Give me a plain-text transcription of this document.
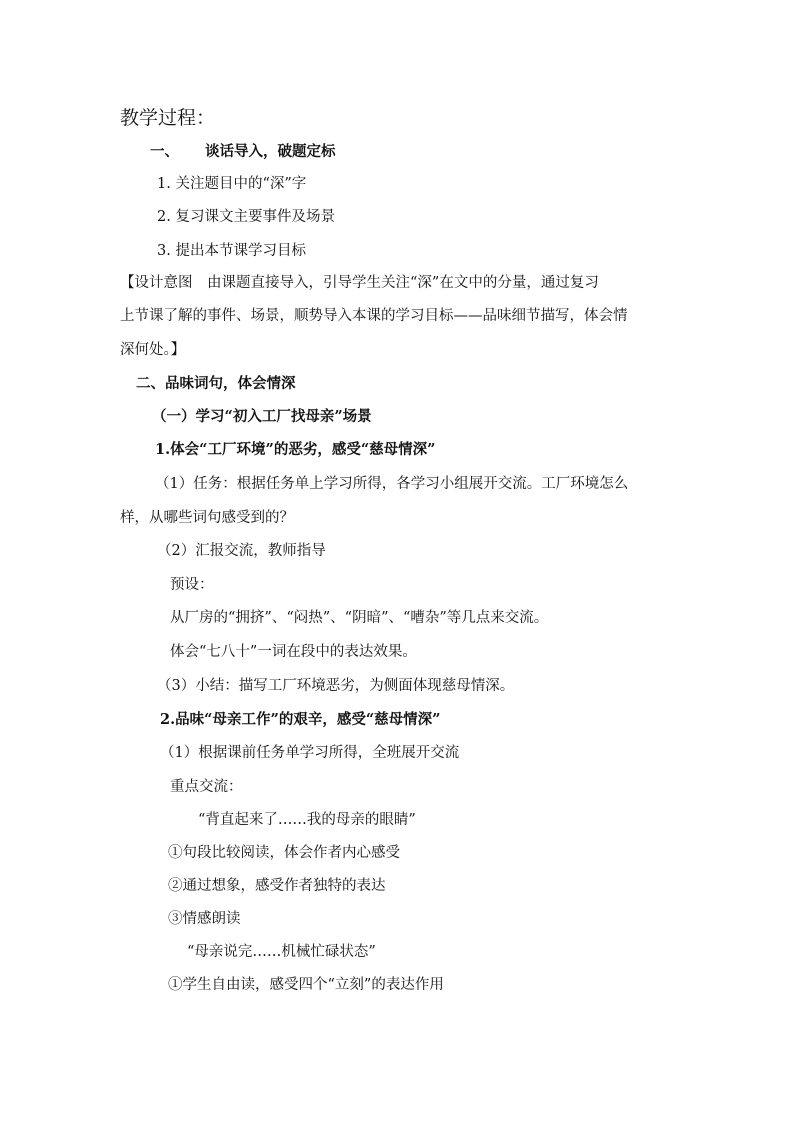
教学过程：
一、 谈话导入，破题定标
1. 关注题目中的“深”字
2. 复习课文主要事件及场景
3. 提出本节课学习目标
【设计意图　由课题直接导入，引导学生关注“深”在文中的分量，通过复习
上节课了解的事件、场景，顺势导入本课的学习目标——品味细节描写，体会情
深何处。】
二、品味词句，体会情深
（一）学习“初入工厂找母亲”场景
1.体会“工厂环境”的恶劣，感受“慈母情深”
（1）任务：根据任务单上学习所得，各学习小组展开交流。工厂环境怎么
样，从哪些词句感受到的？
（2）汇报交流，教师指导
预设：
从厂房的“拥挤”、“闷热”、“阴暗”、“嘈杂”等几点来交流。
体会“七八十”一词在段中的表达效果。
（3）小结：描写工厂环境恶劣，为侧面体现慈母情深。
2.品味“母亲工作”的艰辛，感受“慈母情深”
（1）根据课前任务单学习所得，全班展开交流
重点交流：
“背直起来了……我的母亲的眼睛”
①句段比较阅读，体会作者内心感受
②通过想象，感受作者独特的表达
③情感朗读
“母亲说完……机械忙碌状态”
①学生自由读，感受四个“立刻”的表达作用
